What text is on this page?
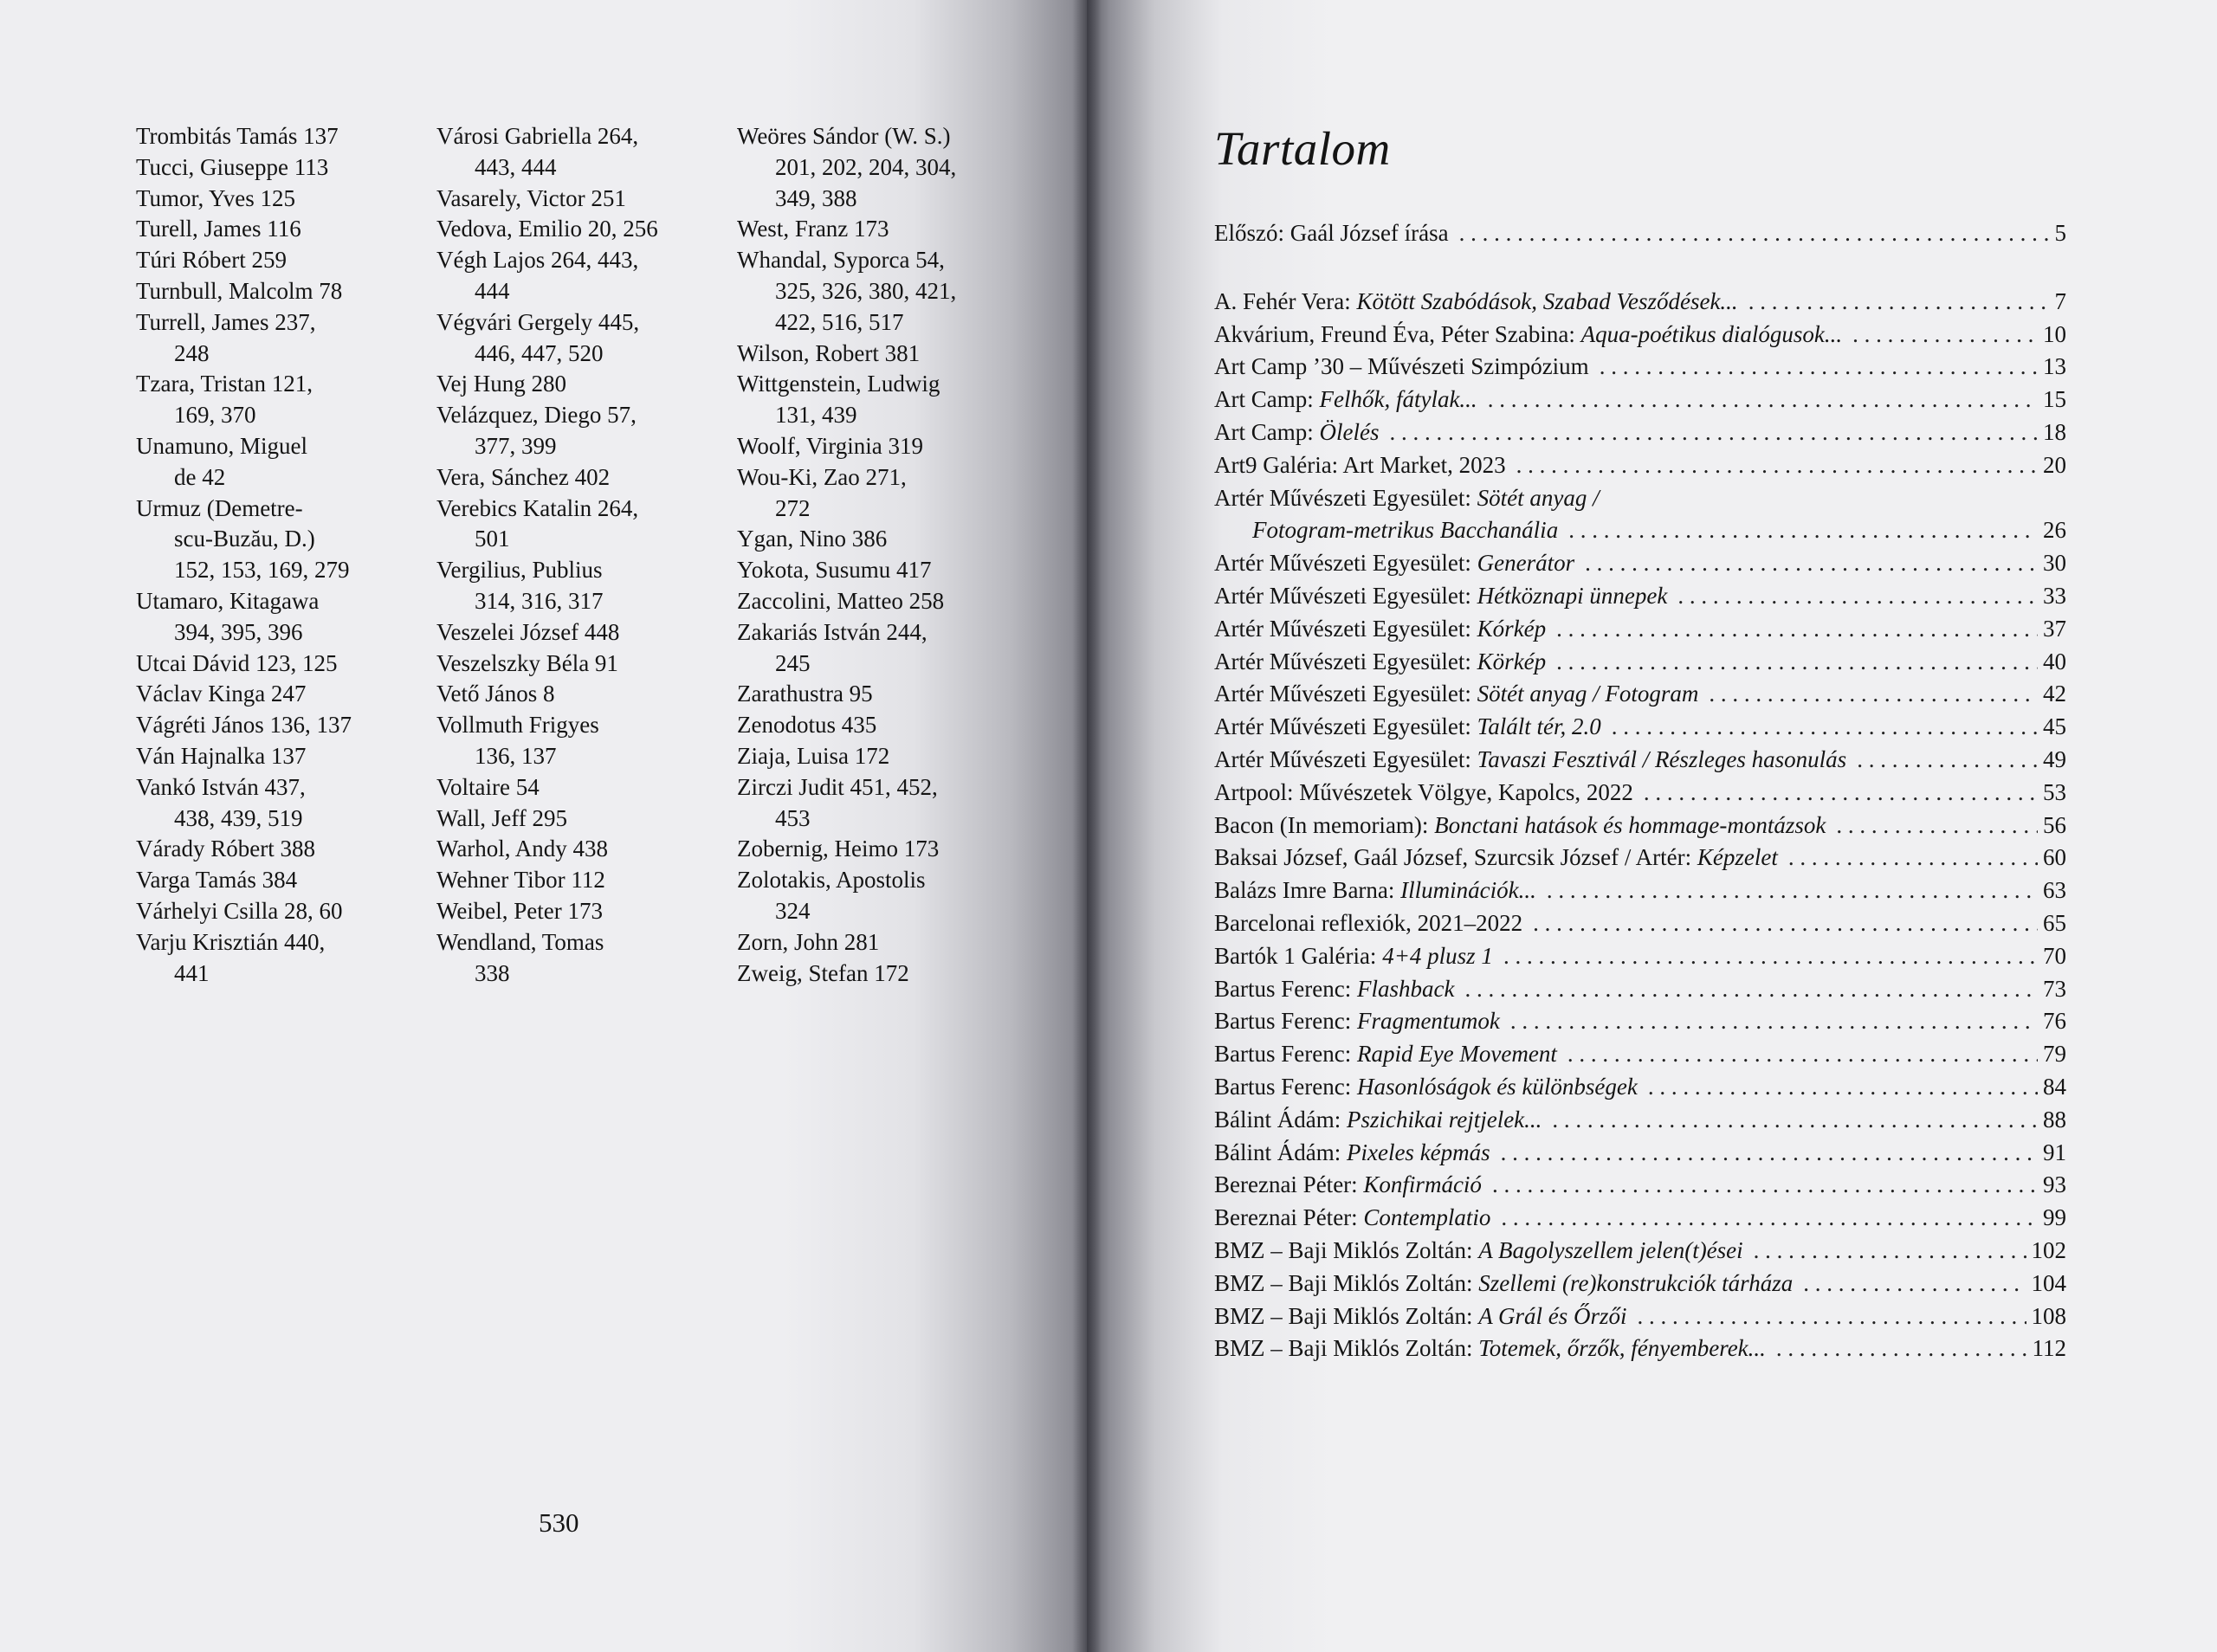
Trombitás Tamás 137
Tucci, Giuseppe 113
Tumor, Yves 125
Turell, James 116
Túri Róbert 259
Turnbull, Malcolm 78
Turrell, James 237,
248
Tzara, Tristan 121,
169, 370
Unamuno, Miguel
de 42
Urmuz (Demetre-
scu-Buzău, D.)
152, 153, 169, 279
Utamaro, Kitagawa
394, 395, 396
Utcai Dávid 123, 125
Václav Kinga 247
Vágréti János 136, 137
Ván Hajnalka 137
Vankó István 437,
438, 439, 519
Várady Róbert 388
Varga Tamás 384
Várhelyi Csilla 28, 60
Varju Krisztián 440,
441
Városi Gabriella 264,
443, 444
Vasarely, Victor 251
Vedova, Emilio 20, 256
Végh Lajos 264, 443,
444
Végvári Gergely 445,
446, 447, 520
Vej Hung 280
Velázquez, Diego 57,
377, 399
Vera, Sánchez 402
Verebics Katalin 264,
501
Vergilius, Publius
314, 316, 317
Veszelei József 448
Veszelszky Béla 91
Vető János 8
Vollmuth Frigyes
136, 137
Voltaire 54
Wall, Jeff 295
Warhol, Andy 438
Wehner Tibor 112
Weibel, Peter 173
Wendland, Tomas
338
Weöres Sándor (W. S.)
201, 202, 204, 304,
349, 388
West, Franz 173
Whandal, Syporca 54,
325, 326, 380, 421,
422, 516, 517
Wilson, Robert 381
Wittgenstein, Ludwig
131, 439
Woolf, Virginia 319
Wou-Ki, Zao 271,
272
Ygan, Nino 386
Yokota, Susumu 417
Zaccolini, Matteo 258
Zakariás István 244,
245
Zarathustra 95
Zenodotus 435
Ziaja, Luisa 172
Zirczi Judit 451, 452,
453
Zobernig, Heimo 173
Zolotakis, Apostolis
324
Zorn, John 281
Zweig, Stefan 172
530
Tartalom
Előszó: Gaál József írása . . .	5
A. Fehér Vera: Kötött Szabódások, Szabad Vesződések... . . .	7
Akvárium, Freund Éva, Péter Szabina: Aqua-poétikus dialógusok... . . .	10
Art Camp ’30 – Művészeti Szimpózium . . .	13
Art Camp: Felhők, fátylak... . . .	15
Art Camp: Ölelés . . .	18
Art9 Galéria: Art Market, 2023 . . .	20
Artér Művészeti Egyesület: Sötét anyag /
Fotogram-metrikus Bacchanália . . .	26
Artér Művészeti Egyesület: Generátor . . .	30
Artér Művészeti Egyesület: Hétköznapi ünnepek . . .	33
Artér Művészeti Egyesület: Kórkép . . .	37
Artér Művészeti Egyesület: Körkép . . .	40
Artér Művészeti Egyesület: Sötét anyag / Fotogram . . .	42
Artér Művészeti Egyesület: Talált tér, 2.0 . . .	45
Artér Művészeti Egyesület: Tavaszi Fesztivál / Részleges hasonulás . . .	49
Artpool: Művészetek Völgye, Kapolcs, 2022 . . .	53
Bacon (In memoriam): Bonctani hatások és hommage-montázsok . . .	56
Baksai József, Gaál József, Szurcsik József / Artér: Képzelet . . .	60
Balázs Imre Barna: Illuminációk... . . .	63
Barcelonai reflexiók, 2021–2022 . . .	65
Bartók 1 Galéria: 4+4 plusz 1 . . .	70
Bartus Ferenc: Flashback . . .	73
Bartus Ferenc: Fragmentumok . . .	76
Bartus Ferenc: Rapid Eye Movement . . .	79
Bartus Ferenc: Hasonlóságok és különbségek . . .	84
Bálint Ádám: Pszichikai rejtjelek... . . .	88
Bálint Ádám: Pixeles képmás . . .	91
Bereznai Péter: Konfirmáció . . .	93
Bereznai Péter: Contemplatio . . .	99
BMZ – Baji Miklós Zoltán: A Bagolyszellem jelen(t)ései . . .	102
BMZ – Baji Miklós Zoltán: Szellemi (re)konstrukciók tárháza . . .	104
BMZ – Baji Miklós Zoltán: A Grál és Őrzői . . .	108
BMZ – Baji Miklós Zoltán: Totemek, őrzők, fényemberek... . . .	112
